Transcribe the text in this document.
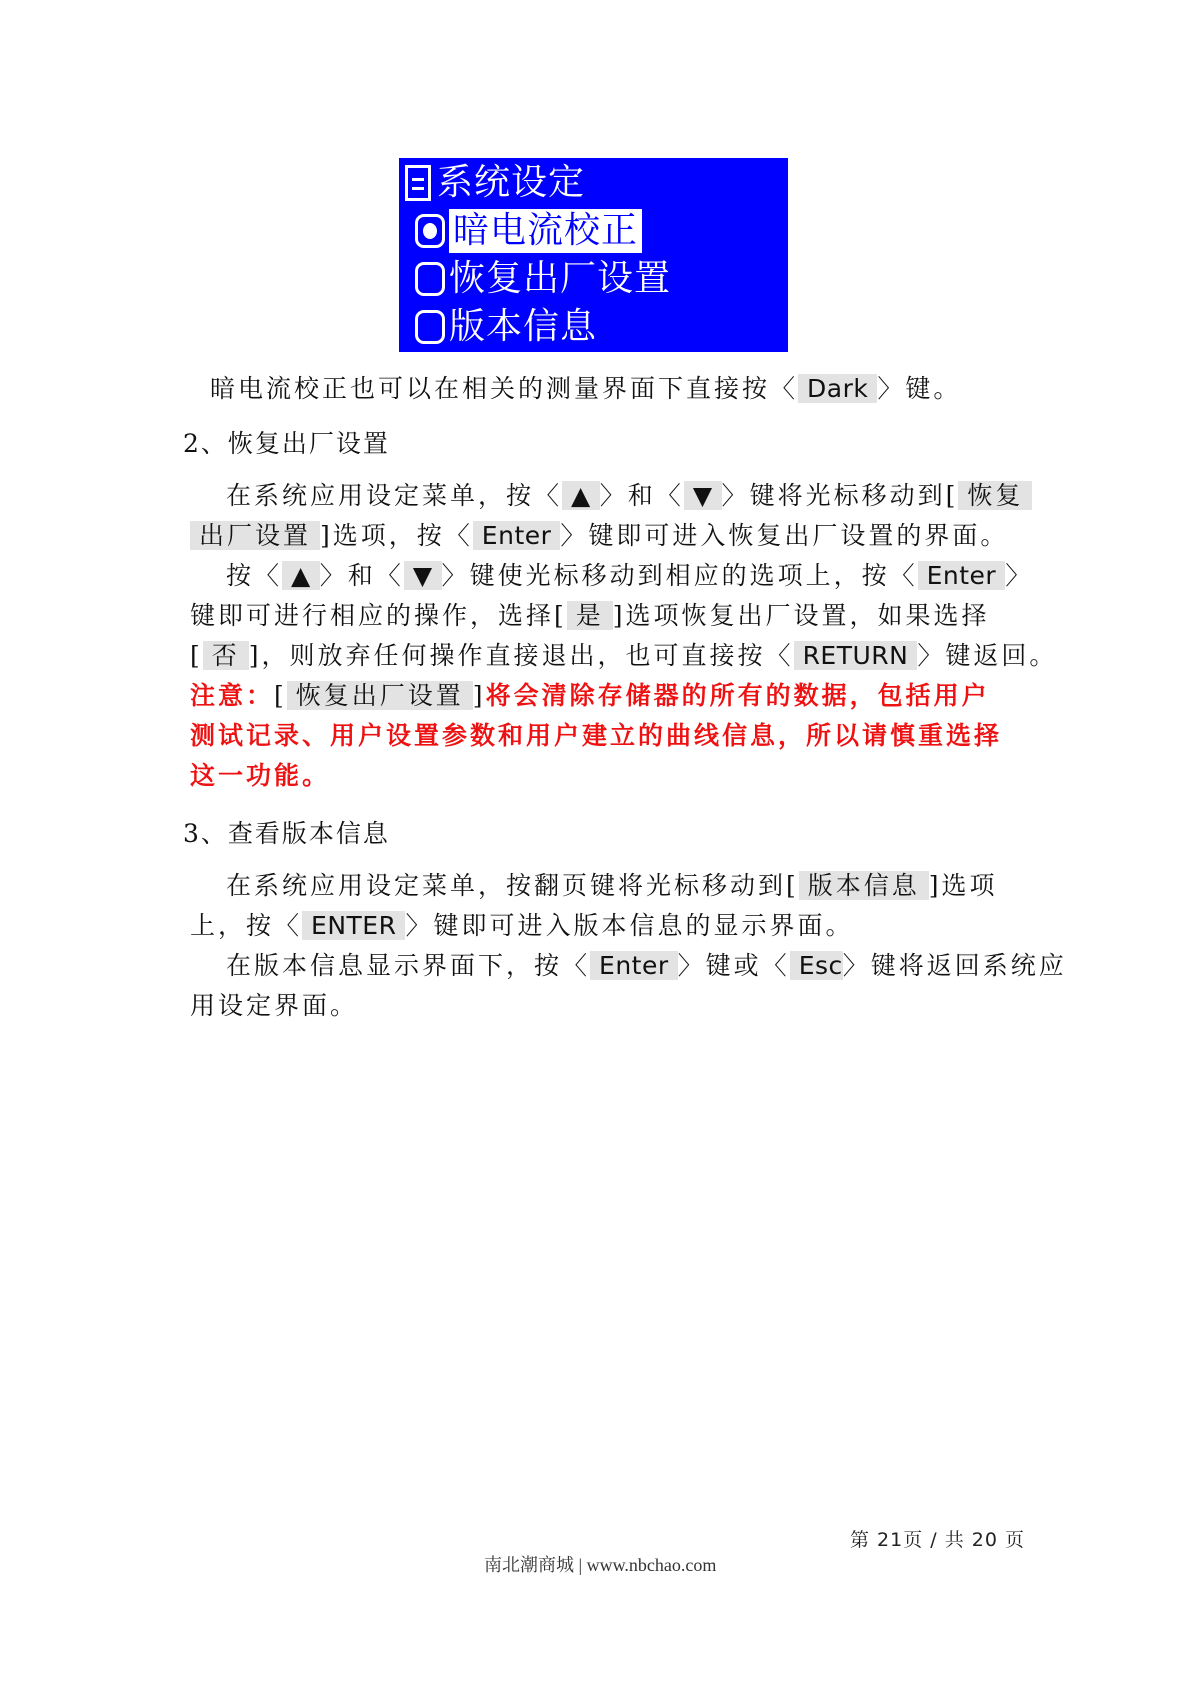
系统设定
暗电流校正
恢复出厂设置
版本信息
暗电流校正也可以在相关的测量界面下直接按〈 Dark 〉键。
2、恢复出厂设置
在系统应用设定菜单，按〈 ▲ 〉和〈 ▼ 〉键将光标移动到[ 恢复
出厂设置 ]选项，按〈 Enter 〉键即可进入恢复出厂设置的界面。
按〈 ▲ 〉和〈 ▼ 〉键使光标移动到相应的选项上，按〈 Enter 〉
键即可进行相应的操作，选择[ 是 ]选项恢复出厂设置，如果选择
[ 否 ]，则放弃任何操作直接退出，也可直接按〈 RETURN 〉键返回。
注意：[ 恢复出厂设置 ]将会清除存储器的所有的数据，包括用户
测试记录、用户设置参数和用户建立的曲线信息，所以请慎重选择
这一功能。
3、查看版本信息
在系统应用设定菜单，按翻页键将光标移动到[ 版本信息 ]选项
上，按〈 ENTER 〉键即可进入版本信息的显示界面。
在版本信息显示界面下，按〈 Enter 〉键或〈 Esc〉键将返回系统应
用设定界面。
第 21页 / 共 20 页
南北潮商城 | www.nbchao.com
